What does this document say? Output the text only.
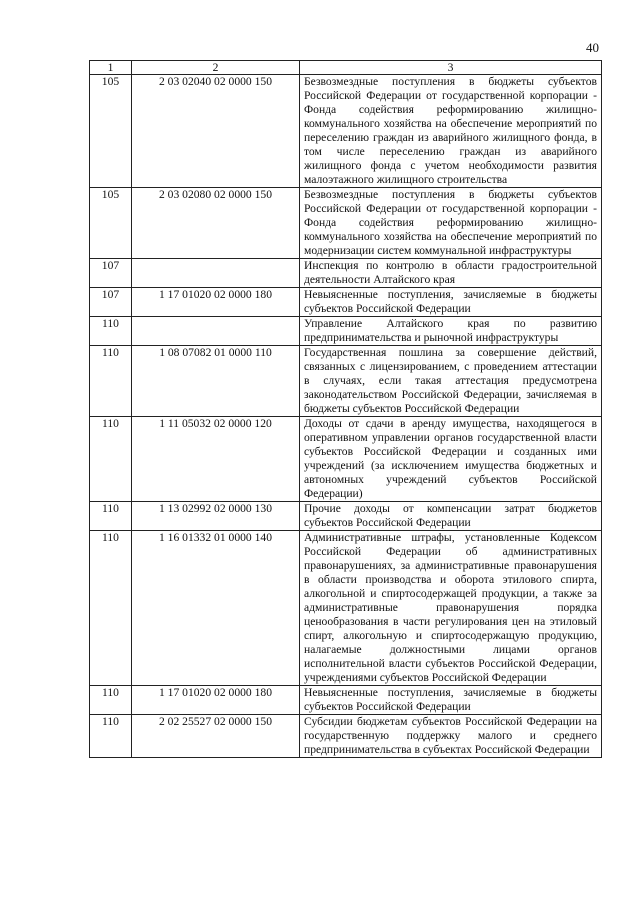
40
1	2	3
105	2 03 02040 02 0000 150	Безвозмездные поступления в бюджеты субъектов Российской Федерации от государственной корпорации - Фонда содействия реформированию жилищно-коммунального хозяйства на обеспечение мероприятий по переселению граждан из аварийного жилищного фонда, в том числе переселению граждан из аварийного жилищного фонда с учетом необходимости развития малоэтажного жилищного строительства
105	2 03 02080 02 0000 150	Безвозмездные поступления в бюджеты субъектов Российской Федерации от государственной корпорации - Фонда содействия реформированию жилищно-коммунального хозяйства на обеспечение мероприятий по модернизации систем коммунальной инфраструктуры
107		Инспекция по контролю в области градостроительной деятельности Алтайского края
107	1 17 01020 02 0000 180	Невыясненные поступления, зачисляемые в бюджеты субъектов Российской Федерации
110		Управление Алтайского края по развитию предпринимательства и рыночной инфраструктуры
110	1 08 07082 01 0000 110	Государственная пошлина за совершение действий, связанных с лицензированием, с проведением аттестации в случаях, если такая аттестация предусмотрена законодательством Российской Федерации, зачисляемая в бюджеты субъектов Российской Федерации
110	1 11 05032 02 0000 120	Доходы от сдачи в аренду имущества, находящегося в оперативном управлении органов государственной власти субъектов Российской Федерации и созданных ими учреждений (за исключением имущества бюджетных и автономных учреждений субъектов Российской Федерации)
110	1 13 02992 02 0000 130	Прочие доходы от компенсации затрат бюджетов субъектов Российской Федерации
110	1 16 01332 01 0000 140	Административные штрафы, установленные Кодексом Российской Федерации об административных правонарушениях, за административные правонарушения в области производства и оборота этилового спирта, алкогольной и спиртосодержащей продукции, а также за административные правонарушения порядка ценообразования в части регулирования цен на этиловый спирт, алкогольную и спиртосодержащую продукцию, налагаемые должностными лицами органов исполнительной власти субъектов Российской Федерации, учреждениями субъектов Российской Федерации
110	1 17 01020 02 0000 180	Невыясненные поступления, зачисляемые в бюджеты субъектов Российской Федерации
110	2 02 25527 02 0000 150	Субсидии бюджетам субъектов Российской Федерации на государственную поддержку малого и среднего предпринимательства в субъектах Российской Федерации
